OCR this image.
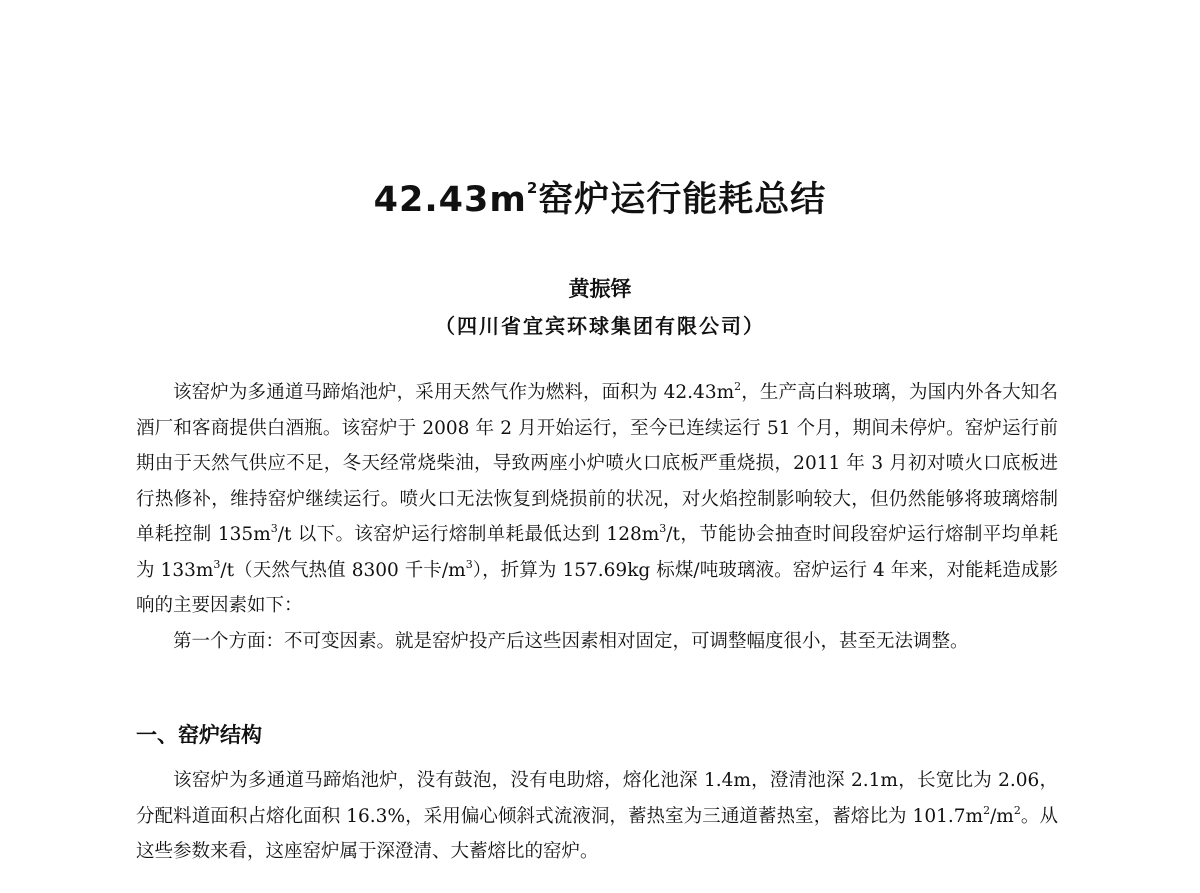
$42.43m^2$窑炉运行能耗总结
黄振铎
（四川省宜宾环球集团有限公司）

该窑炉为多通道马蹄焰池炉，采用天然气作为燃料，面积为 $42.43m^2$，生产高白料玻璃，为国内外各大知名酒厂和客商提供白酒瓶。该窑炉于 2008 年 2 月开始运行，至今已连续运行 51 个月，期间未停炉。窑炉运行前期由于天然气供应不足，冬天经常烧柴油，导致两座小炉喷火口底板严重烧损，2011 年 3 月初对喷火口底板进行热修补，维持窑炉继续运行。喷火口无法恢复到烧损前的状况，对火焰控制影响较大，但仍然能够将玻璃熔制单耗控制 $135m^3/t$ 以下。该窑炉运行熔制单耗最低达到 $128m^3/t$，节能协会抽查时间段窑炉运行熔制平均单耗为 $133m^3/t$（天然气热值 8300 千卡$/m^3$），折算为 157.69kg 标煤/吨玻璃液。窑炉运行 4 年来，对能耗造成影响的主要因素如下：

第一个方面：不可变因素。就是窑炉投产后这些因素相对固定，可调整幅度很小，甚至无法调整。

一、窑炉结构

该窑炉为多通道马蹄焰池炉，没有鼓泡，没有电助熔，熔化池深 1.4m，澄清池深 2.1m，长宽比为 2.06，分配料道面积占熔化面积 16.3%，采用偏心倾斜式流液洞，蓄热室为三通道蓄热室，蓄熔比为 $101.7m^2/m^2$。从这些参数来看，这座窑炉属于深澄清、大蓄熔比的窑炉。
